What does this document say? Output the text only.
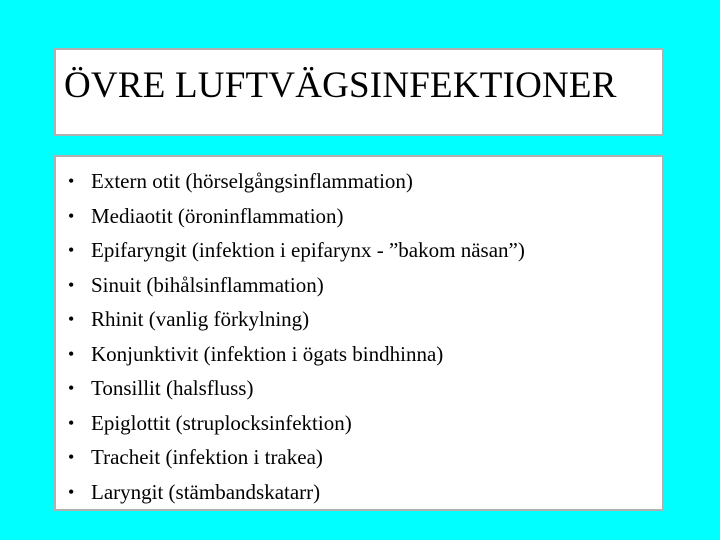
ÖVRE LUFTVÄGSINFEKTIONER
• Extern otit (hörselgångsinflammation)
• Mediaotit (öroninflammation)
• Epifaryngit (infektion i epifarynx - ”bakom näsan”)
• Sinuit (bihålsinflammation)
• Rhinit (vanlig förkylning)
• Konjunktivit (infektion i ögats bindhinna)
• Tonsillit (halsfluss)
• Epiglottit (struplocksinfektion)
• Tracheit (infektion i trakea)
• Laryngit (stämbandskatarr)
